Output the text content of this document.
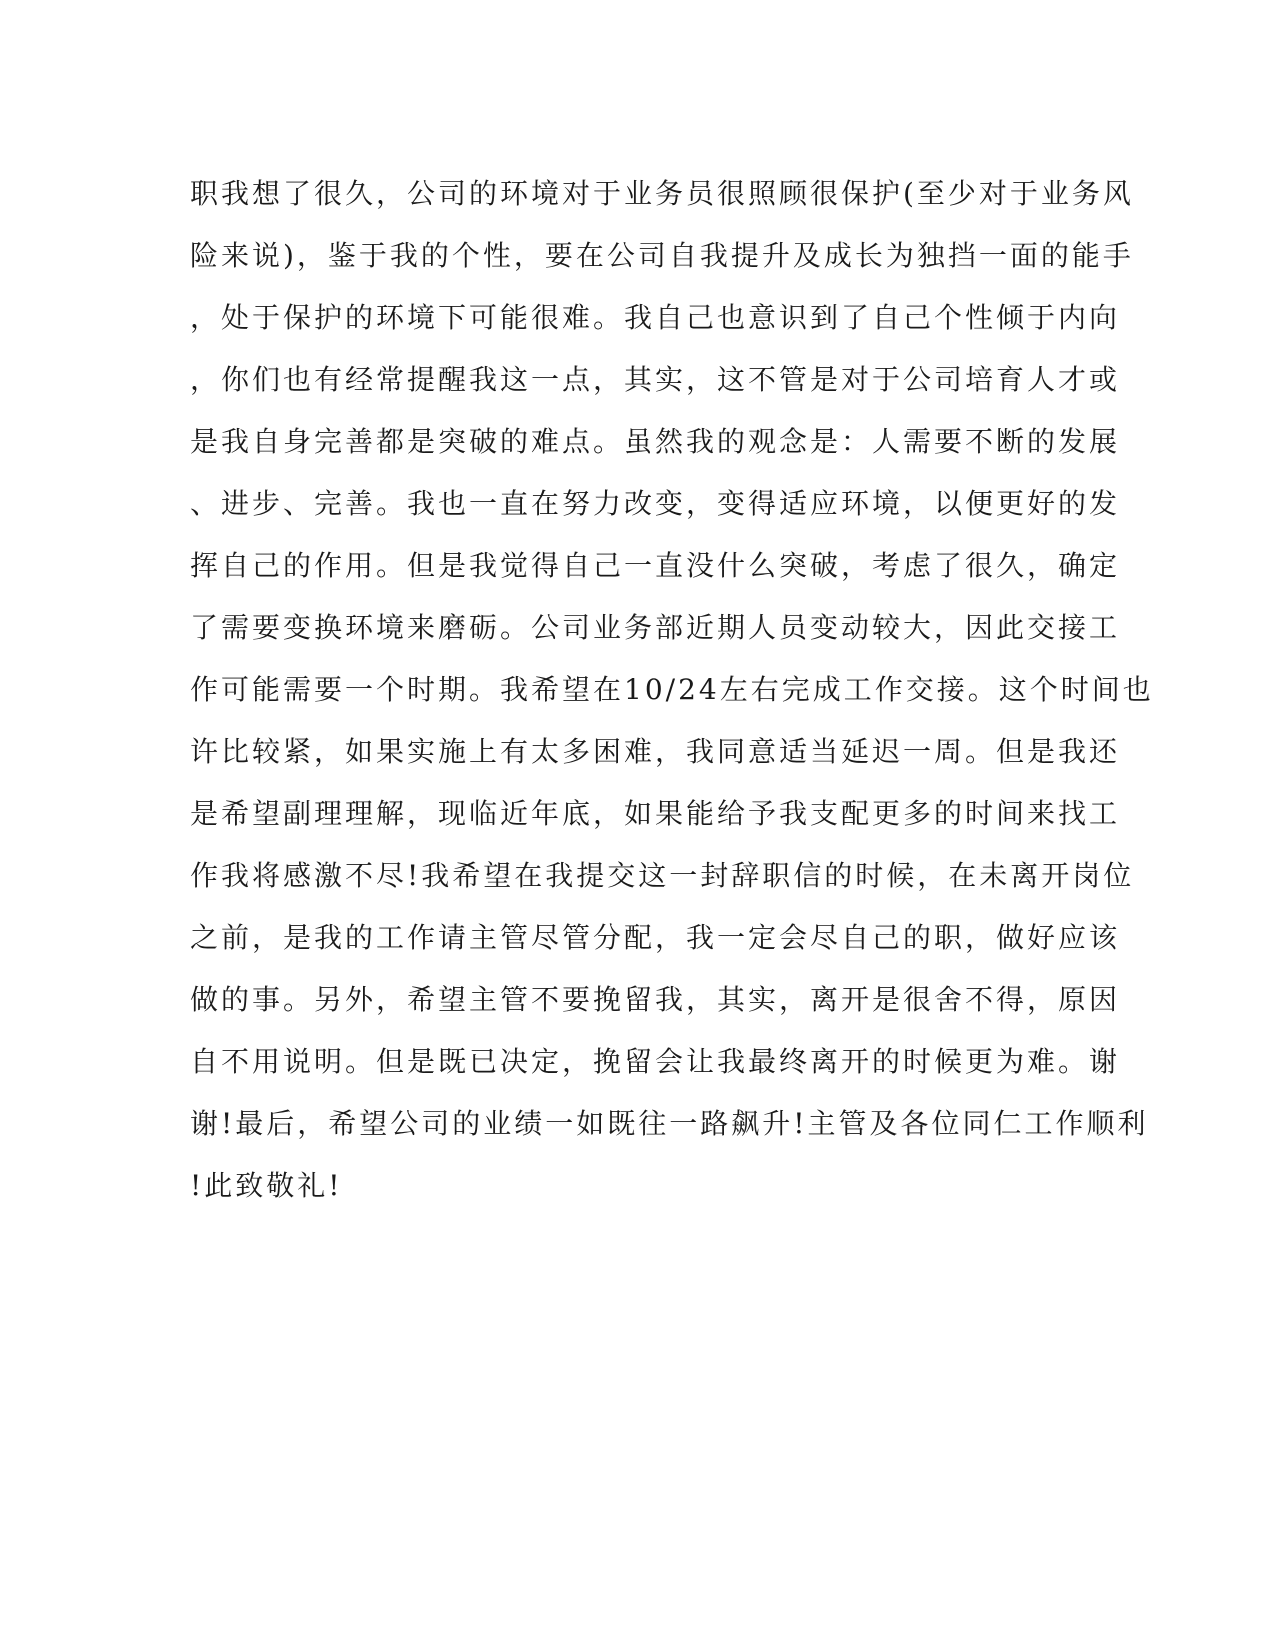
职我想了很久，公司的环境对于业务员很照顾很保护(至少对于业务风
险来说)，鉴于我的个性，要在公司自我提升及成长为独挡一面的能手
，处于保护的环境下可能很难。我自己也意识到了自己个性倾于内向
，你们也有经常提醒我这一点，其实，这不管是对于公司培育人才或
是我自身完善都是突破的难点。虽然我的观念是：人需要不断的发展
、进步、完善。我也一直在努力改变，变得适应环境，以便更好的发
挥自己的作用。但是我觉得自己一直没什么突破，考虑了很久，确定
了需要变换环境来磨砺。公司业务部近期人员变动较大，因此交接工
作可能需要一个时期。我希望在10/24左右完成工作交接。这个时间也
许比较紧，如果实施上有太多困难，我同意适当延迟一周。但是我还
是希望副理理解，现临近年底，如果能给予我支配更多的时间来找工
作我将感激不尽!我希望在我提交这一封辞职信的时候，在未离开岗位
之前，是我的工作请主管尽管分配，我一定会尽自己的职，做好应该
做的事。另外，希望主管不要挽留我，其实，离开是很舍不得，原因
自不用说明。但是既已决定，挽留会让我最终离开的时候更为难。谢
谢!最后，希望公司的业绩一如既往一路飙升!主管及各位同仁工作顺利
!此致敬礼!
